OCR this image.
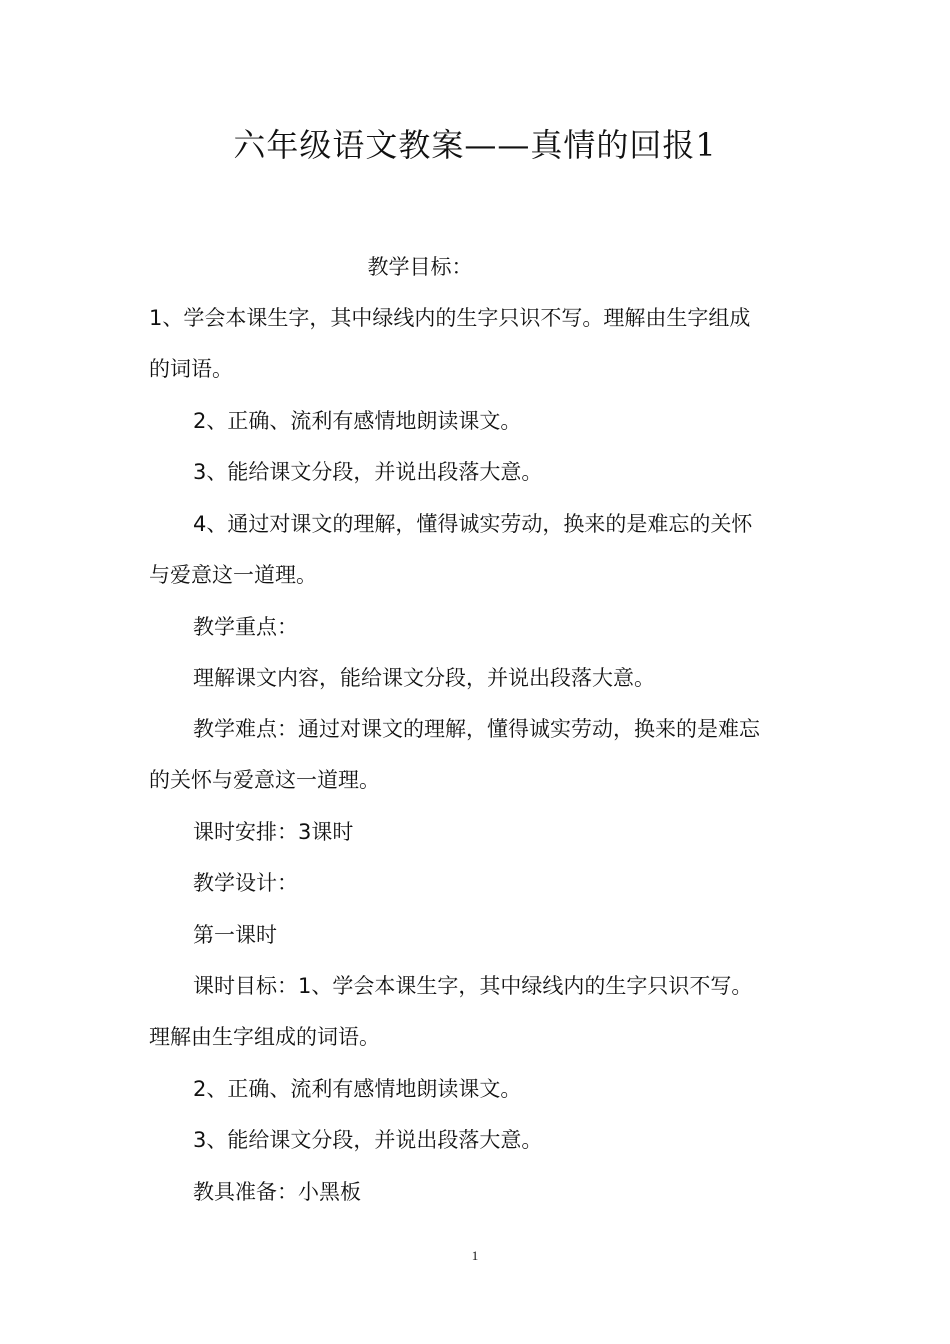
六年级语文教案——真情的回报1
教学目标：
1、学会本课生字，其中绿线内的生字只识不写。理解由生字组成
的词语。
2、正确、流利有感情地朗读课文。
3、能给课文分段，并说出段落大意。
4、通过对课文的理解，懂得诚实劳动，换来的是难忘的关怀
与爱意这一道理。
教学重点：
理解课文内容，能给课文分段，并说出段落大意。
教学难点：通过对课文的理解，懂得诚实劳动，换来的是难忘
的关怀与爱意这一道理。
课时安排：3课时
教学设计：
第一课时
课时目标：1、学会本课生字，其中绿线内的生字只识不写。
理解由生字组成的词语。
2、正确、流利有感情地朗读课文。
3、能给课文分段，并说出段落大意。
教具准备：小黑板
1
